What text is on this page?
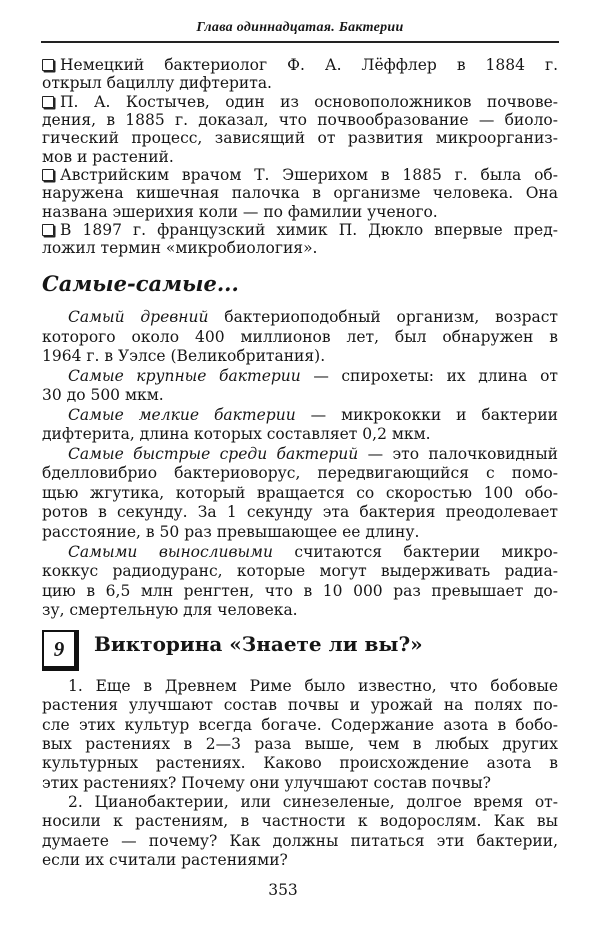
Глава одиннадцатая. Бактерии
Немецкий бактериолог Ф. А. Лёффлер в 1884 г.
открыл бациллу дифтерита.
П. А. Костычев, один из основоположников почвове-
дения, в 1885 г. доказал, что почвообразование — биоло-
гический процесс, зависящий от развития микроорганиз-
мов и растений.
Австрийским врачом Т. Эшерихом в 1885 г. была об-
наружена кишечная палочка в организме человека. Она
названа эшерихия коли — по фамилии ученого.
В 1897 г. французский химик П. Дюкло впервые пред-
ложил термин «микробиология».
Самые-самые...
Самый древний бактериоподобный организм, возраст
которого около 400 миллионов лет, был обнаружен в
1964 г. в Уэлсе (Великобритания).
Самые крупные бактерии — спирохеты: их длина от
30 до 500 мкм.
Самые мелкие бактерии — микрококки и бактерии
дифтерита, длина которых составляет 0,2 мкм.
Самые быстрые среди бактерий — это палочковидный
бделловибрио бактериоворус, передвигающийся с помо-
щью жгутика, который вращается со скоростью 100 обо-
ротов в секунду. За 1 секунду эта бактерия преодолевает
расстояние, в 50 раз превышающее ее длину.
Самыми выносливыми считаются бактерии микро-
коккус радиодуранс, которые могут выдерживать радиа-
цию в 6,5 млн ренгтен, что в 10 000 раз превышает до-
зу, смертельную для человека.
9 Викторина «Знаете ли вы?»
1. Еще в Древнем Риме было известно, что бобовые
растения улучшают состав почвы и урожай на полях по-
сле этих культур всегда богаче. Содержание азота в бобо-
вых растениях в 2—3 раза выше, чем в любых других
культурных растениях. Каково происхождение азота в
этих растениях? Почему они улучшают состав почвы?
2. Цианобактерии, или синезеленые, долгое время от-
носили к растениям, в частности к водорослям. Как вы
думаете — почему? Как должны питаться эти бактерии,
если их считали растениями?
353
